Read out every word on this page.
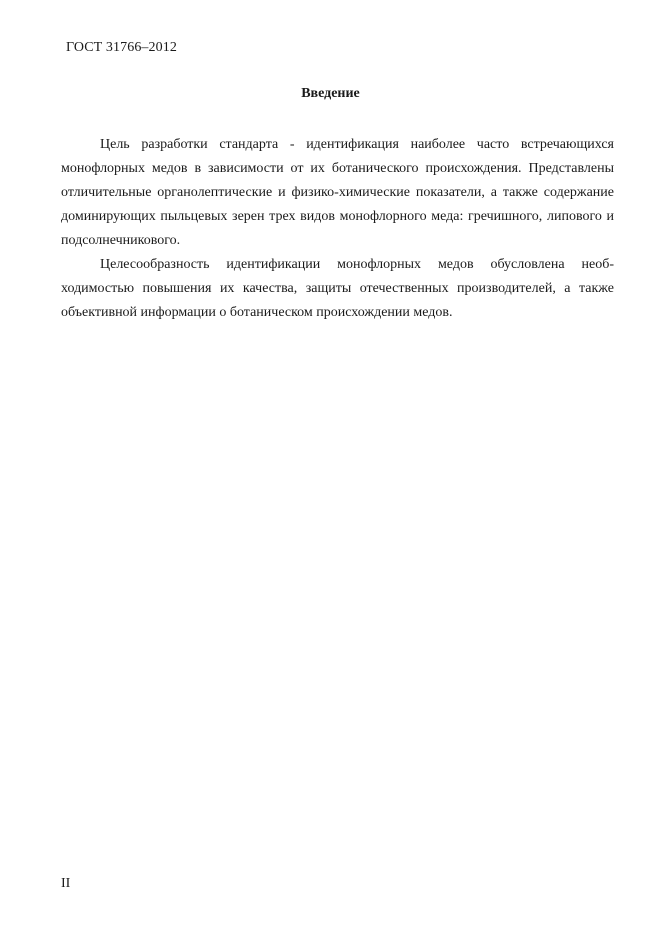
ГОСТ 31766–2012
Введение

Цель разработки стандарта - идентификация наиболее часто встречающихся монофлорных медов в зависимости от их ботанического происхождения. Представлены отличительные органолептические и физико-химические показатели, а также содержание доминирующих пыльцевых зерен трех видов монофлорного меда: гречишного, липового и подсолнечникового.

Целесообразность идентификации монофлорных медов обусловлена необходимостью повышения их качества, защиты отечественных производителей, а также объективной информации о ботаническом происхождении медов.

II
